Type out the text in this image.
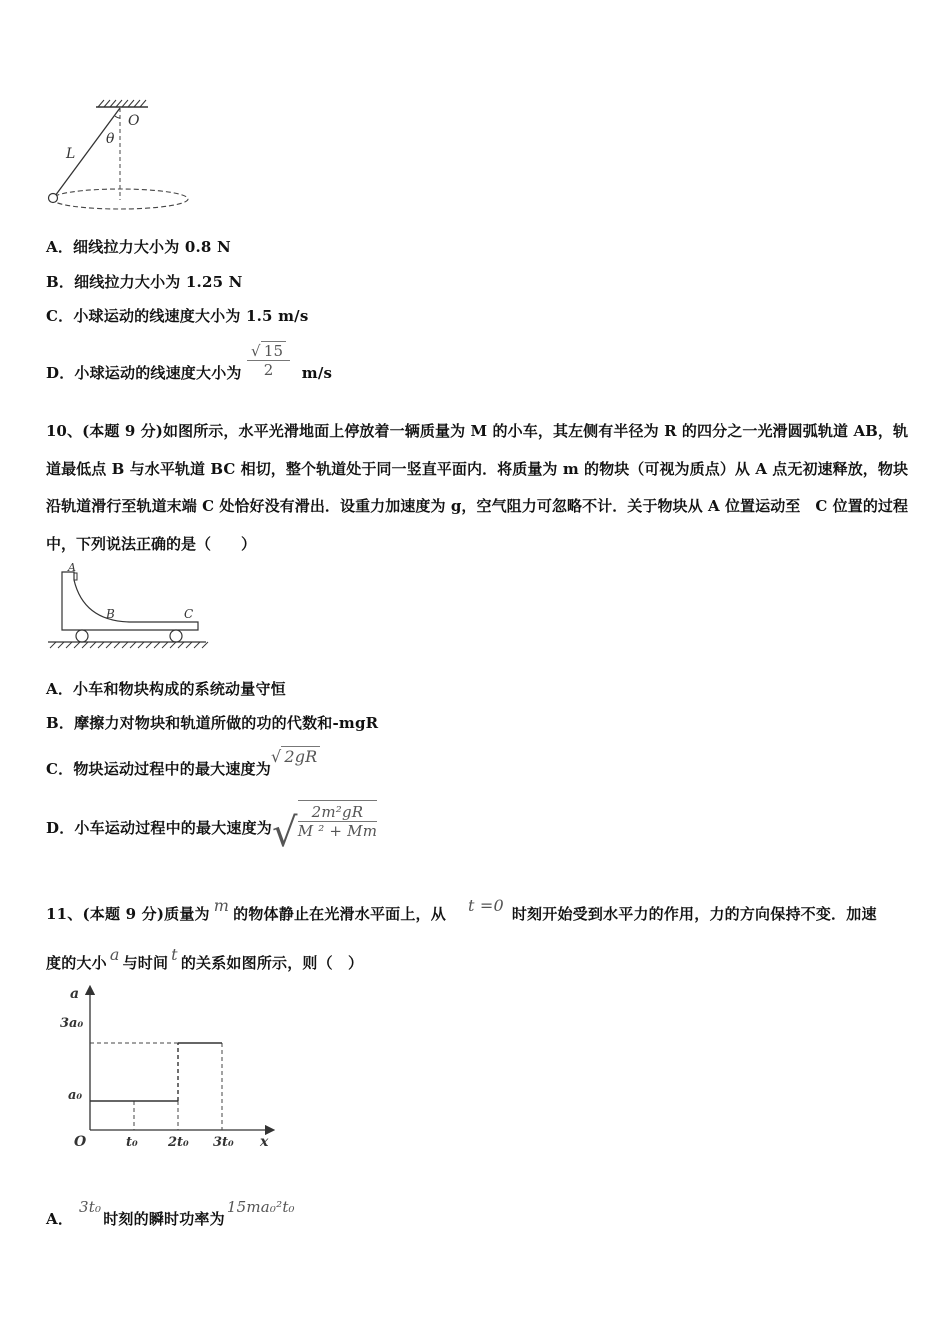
O
θ
L
A．细线拉力大小为 0.8 N
B．细线拉力大小为 1.25 N
C．小球运动的线速度大小为 1.5 m/s
D．小球运动的线速度大小为 $\frac{√ 15}{2} m/s$
10、(本题 9 分)如图所示，水平光滑地面上停放着一辆质量为 M 的小车，其左侧有半径为 R 的四分之一光滑圆弧轨道 AB，轨道最低点 B 与水平轨道 BC 相切，整个轨道处于同一竖直平面内．将质量为 m 的物块（可视为质点）从 A 点无初速释放，物块沿轨道滑行至轨道末端 C 处恰好没有滑出．设重力加速度为 g，空气阻力可忽略不计．关于物块从 A 位置运动至　C 位置的过程中，下列说法正确的是（　　）
A
B	C
A．小车和物块构成的系统动量守恒
B．摩擦力对物块和轨道所做的功的代数和-mgR
C．物块运动过程中的最大速度为√ 2gR
D．小车运动过程中的最大速度为√ $\frac{\text{2m²gR}}{\text{M ² + Mm}}$
11、(本题 9 分)质量为 m 的物体静止在光滑水平面上，从 t =0 时刻开始受到水平力的作用，力的方向保持不变．加速
度的大小 a 与时间 t 的关系如图所示，则（　）
a
x
O
3a₀
a₀
t₀ 2t₀ 3t₀
A．3t₀时刻的瞬时功率为15ma₀²t₀
